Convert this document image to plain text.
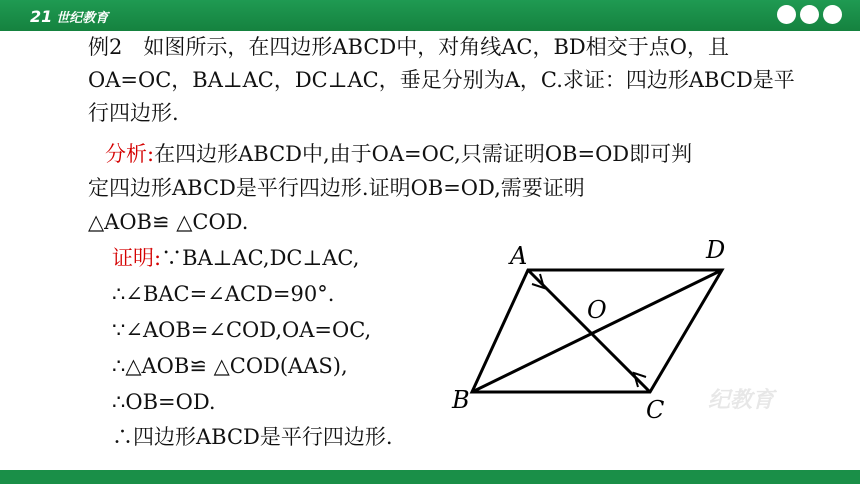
21 世纪教育
例2　如图所示，在四边形ABCD中，对角线AC，BD相交于点O，且
OA=OC，BA⊥AC，DC⊥AC，垂足分别为A，C.求证：四边形ABCD是平
行四边形.
分析:在四边形ABCD中,由于OA=OC,只需证明OB=OD即可判
定四边形ABCD是平行四边形.证明OB=OD,需要证明
△AOB≌ △COD.
证明:∵BA⊥AC,DC⊥AC,
∴∠BAC=∠ACD=90°.
∵∠AOB=∠COD,OA=OC,
∴△AOB≌ △COD(AAS),
∴OB=OD.
∴四边形ABCD是平行四边形.
纪教育
A	D
B	C
O
